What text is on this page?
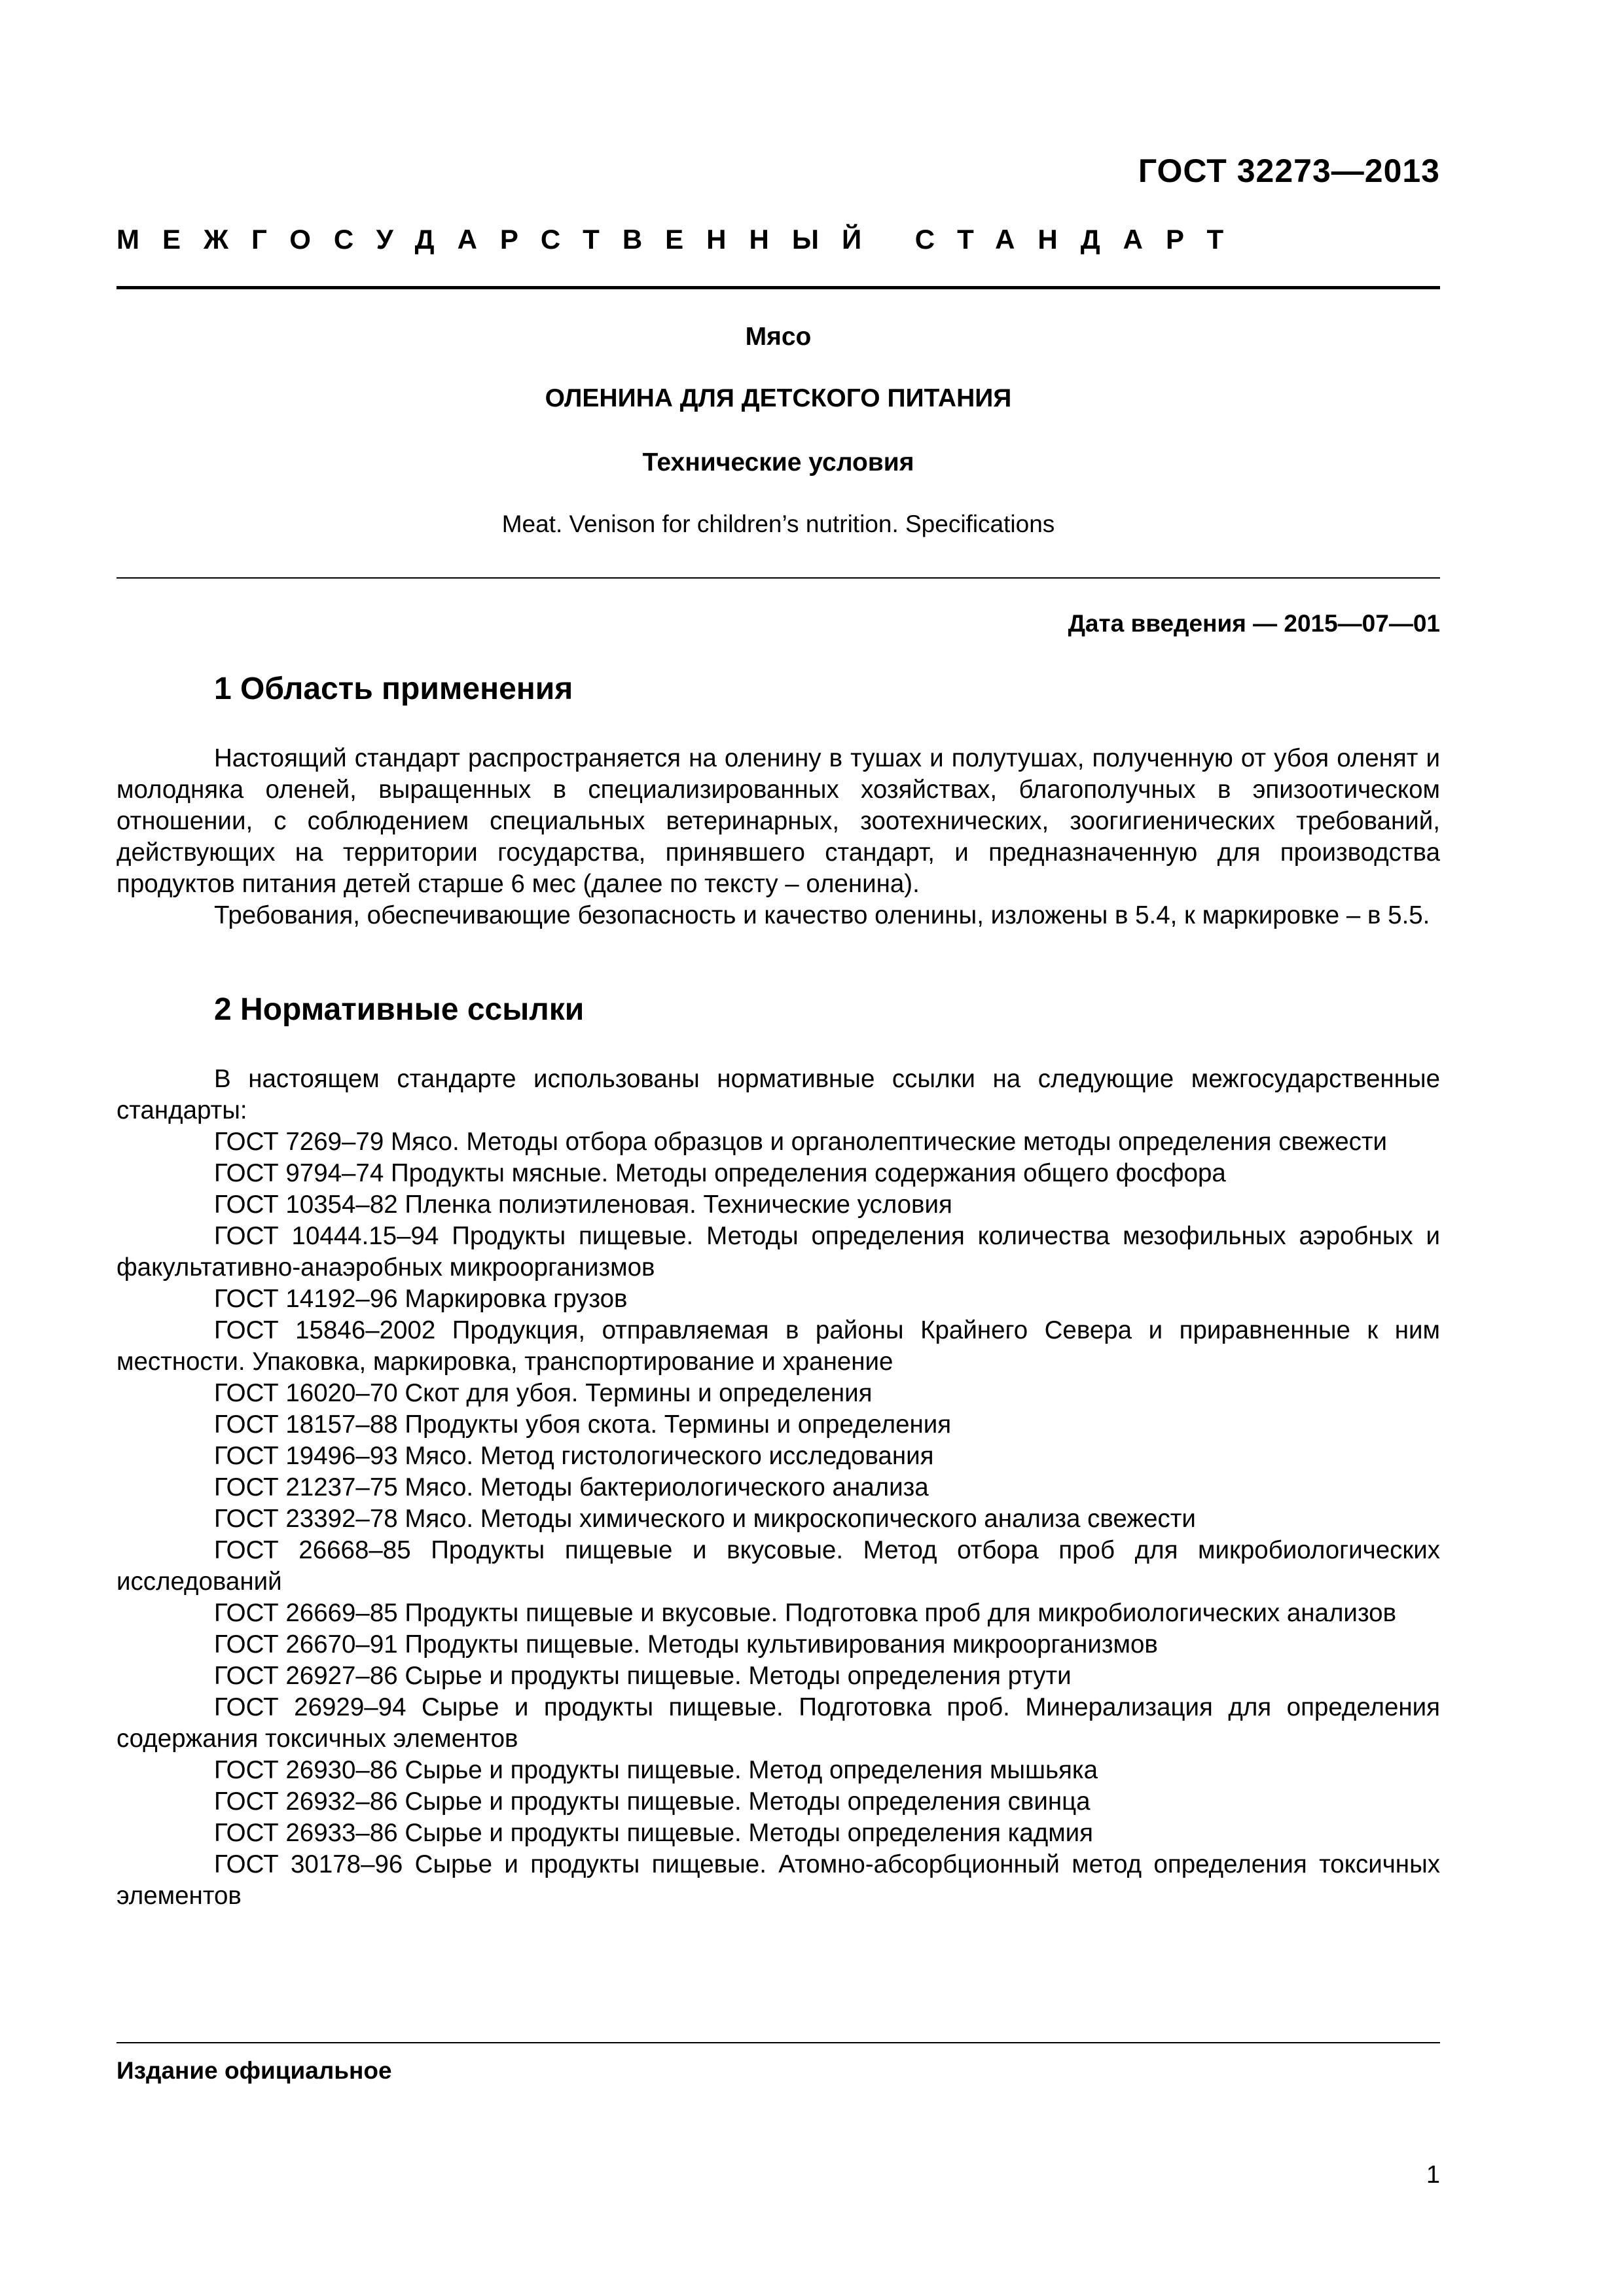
ГОСТ 32273—2013
МЕЖГОСУДАРСТВЕННЫЙ СТАНДАРТ
Мясо
ОЛЕНИНА ДЛЯ ДЕТСКОГО ПИТАНИЯ
Технические условия
Meat. Venison for children’s nutrition. Specifications
Дата введения — 2015—07—01
1 Область применения

Настоящий стандарт распространяется на оленину в тушах и полутушах, полученную от убоя оленят и молодняка оленей, выращенных в специализированных хозяйствах, благополучных в эпизоотическом отношении, с соблюдением специальных ветеринарных, зоотехнических, зоогигиенических требований, действующих на территории государства, принявшего стандарт, и предназначенную для производства продуктов питания детей старше 6 мес (далее по тексту – оленина).

Требования, обеспечивающие безопасность и качество оленины, изложены в 5.4, к маркировке – в 5.5.

2 Нормативные ссылки

В настоящем стандарте использованы нормативные ссылки на следующие межгосударственные стандарты:

ГОСТ 7269–79 Мясо. Методы отбора образцов и органолептические методы определения свежести

ГОСТ 9794–74 Продукты мясные. Методы определения содержания общего фосфора

ГОСТ 10354–82 Пленка полиэтиленовая. Технические условия

ГОСТ 10444.15–94 Продукты пищевые. Методы определения количества мезофильных аэробных и факультативно-анаэробных микроорганизмов

ГОСТ 14192–96 Маркировка грузов

ГОСТ 15846–2002 Продукция, отправляемая в районы Крайнего Севера и приравненные к ним местности. Упаковка, маркировка, транспортирование и хранение

ГОСТ 16020–70 Скот для убоя. Термины и определения

ГОСТ 18157–88 Продукты убоя скота. Термины и определения

ГОСТ 19496–93 Мясо. Метод гистологического исследования

ГОСТ 21237–75 Мясо. Методы бактериологического анализа

ГОСТ 23392–78 Мясо. Методы химического и микроскопического анализа свежести

ГОСТ 26668–85 Продукты пищевые и вкусовые. Метод отбора проб для микробиологических исследований

ГОСТ 26669–85 Продукты пищевые и вкусовые. Подготовка проб для микробиологических анализов

ГОСТ 26670–91 Продукты пищевые. Методы культивирования микроорганизмов

ГОСТ 26927–86 Сырье и продукты пищевые. Методы определения ртути

ГОСТ 26929–94 Сырье и продукты пищевые. Подготовка проб. Минерализация для определения содержания токсичных элементов

ГОСТ 26930–86 Сырье и продукты пищевые. Метод определения мышьяка

ГОСТ 26932–86 Сырье и продукты пищевые. Методы определения свинца

ГОСТ 26933–86 Сырье и продукты пищевые. Методы определения кадмия

ГОСТ 30178–96 Сырье и продукты пищевые. Атомно-абсорбционный метод определения токсичных элементов

Издание официальное
1
